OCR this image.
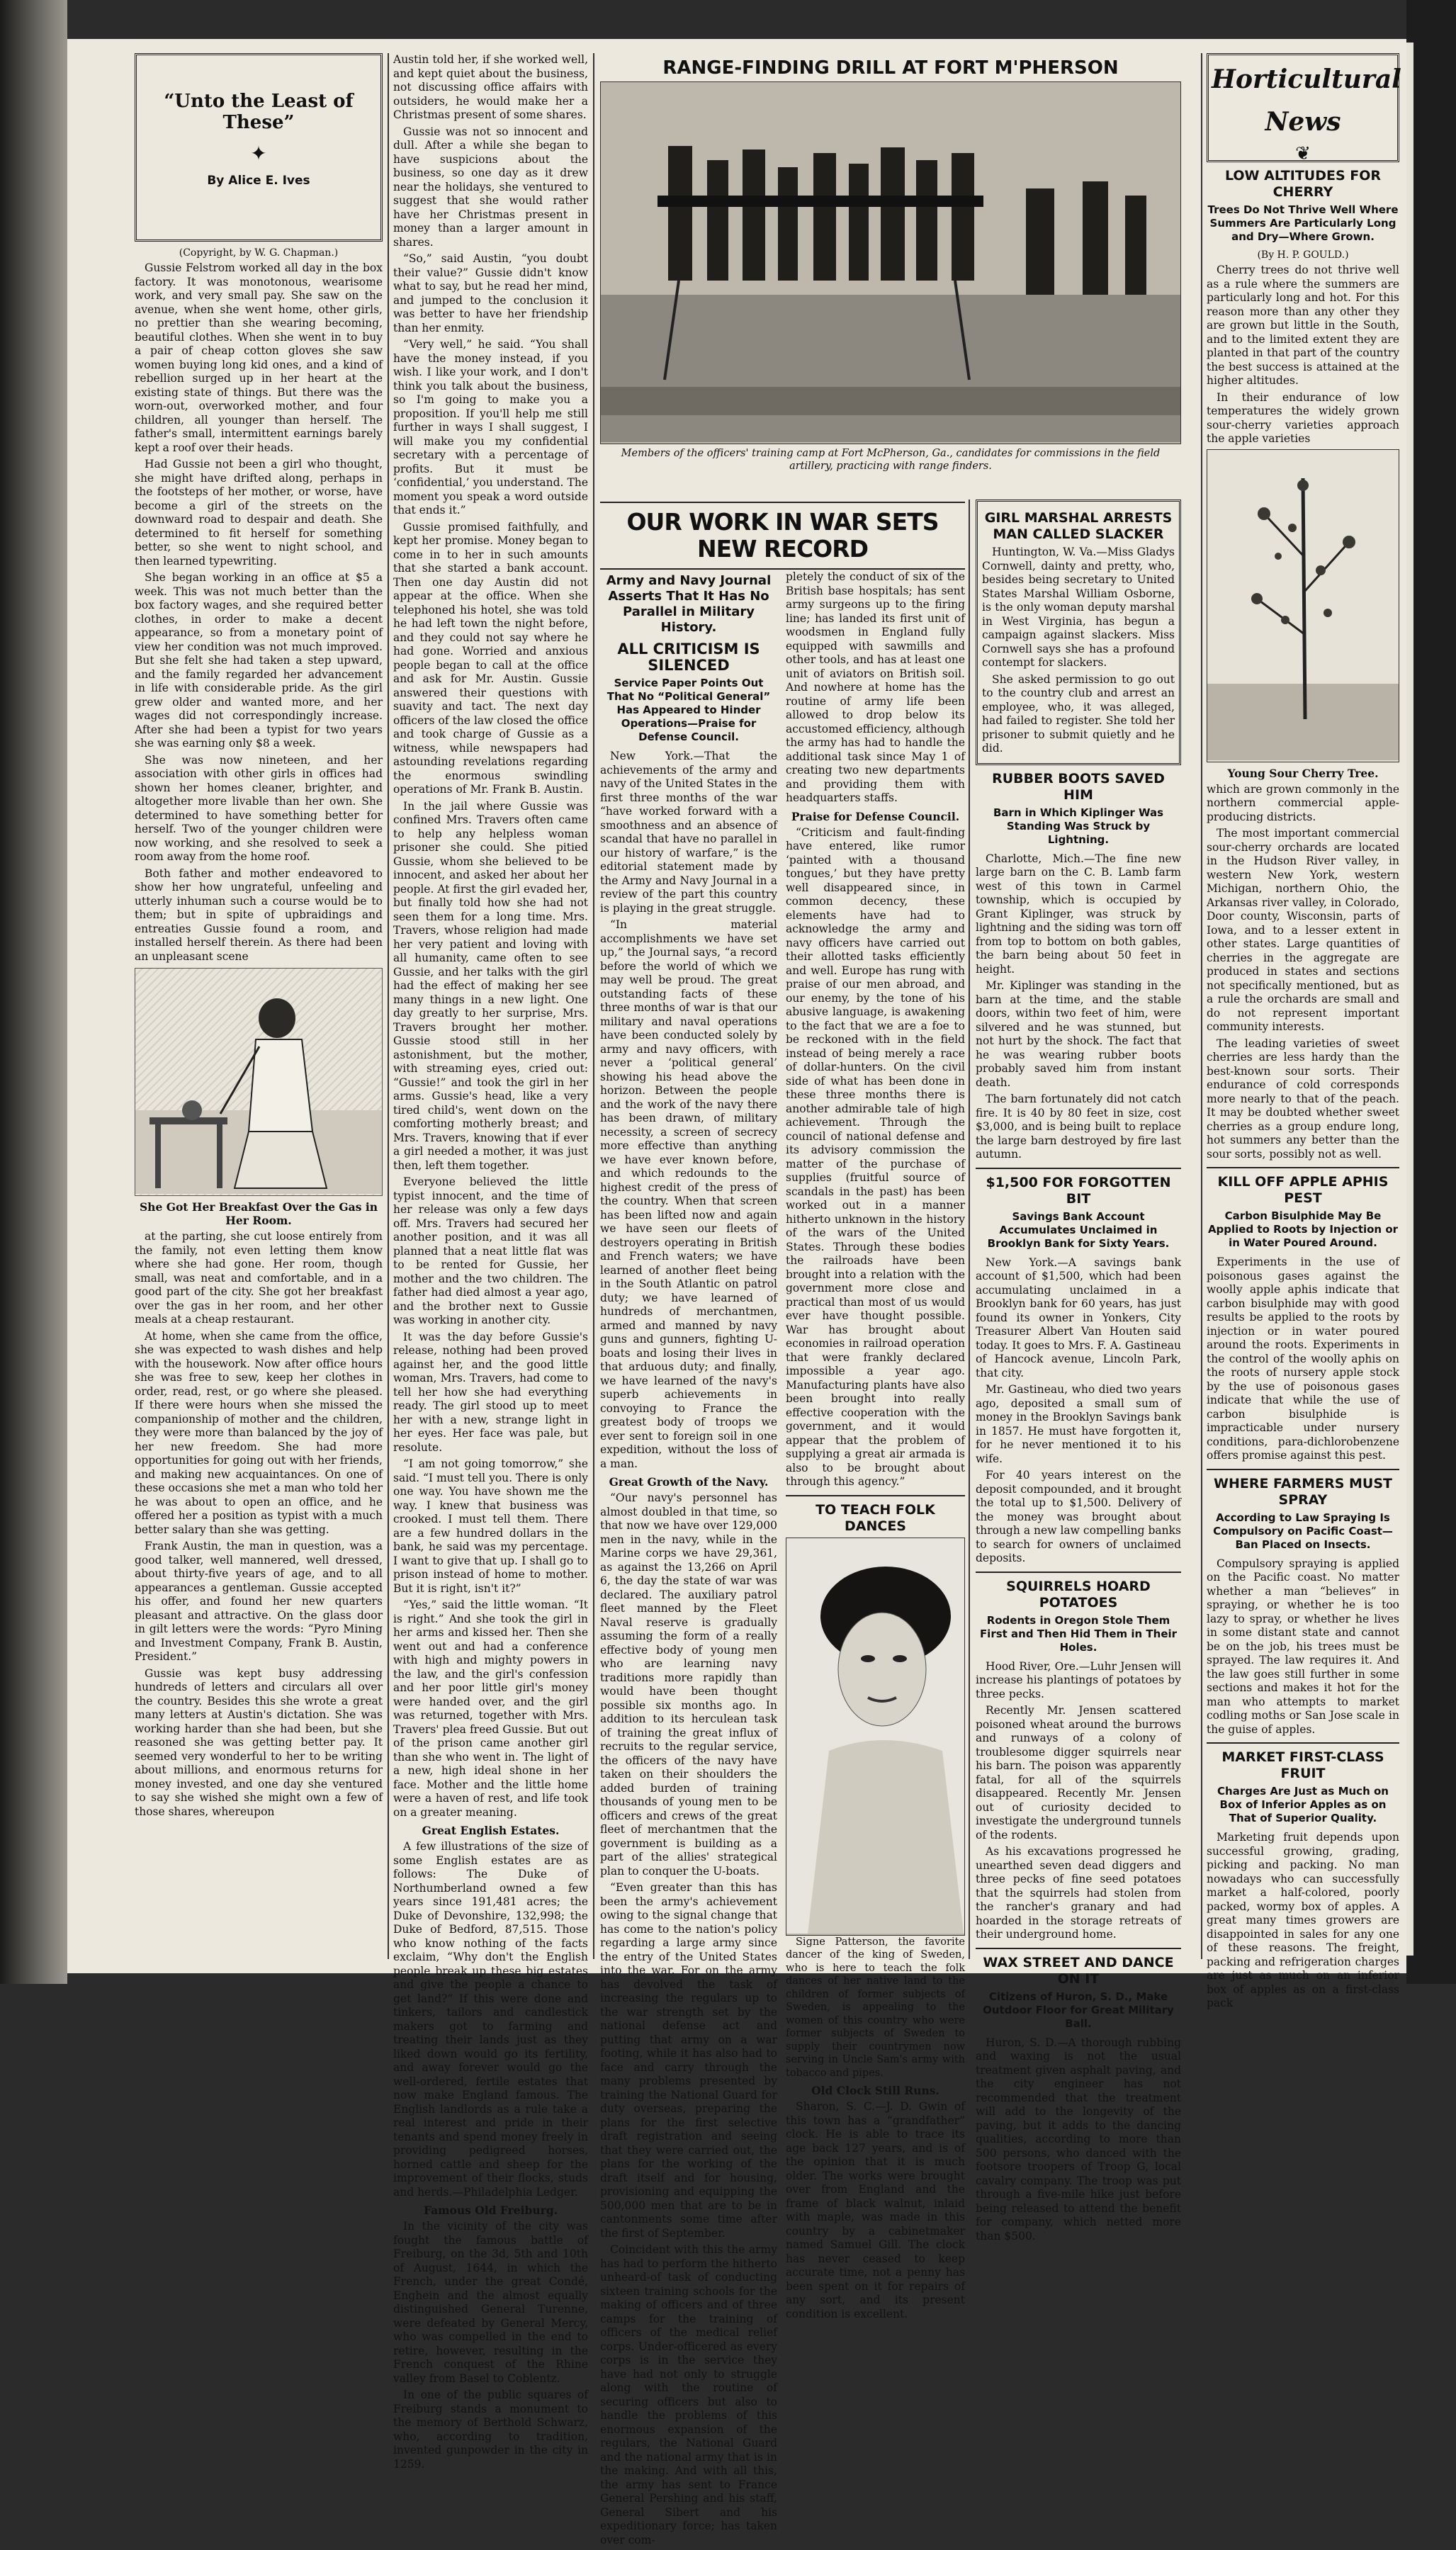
“Unto the Least of These”
✦
By Alice E. Ives
(Copyright, by W. G. Chapman.)

Gussie Felstrom worked all day in the box factory. It was monotonous, wearisome work, and very small pay. She saw on the avenue, when she went home, other girls, no prettier than she wearing becoming, beautiful clothes. When she went in to buy a pair of cheap cotton gloves she saw women buying long kid ones, and a kind of rebellion surged up in her heart at the existing state of things. But there was the worn-out, overworked mother, and four children, all younger than herself. The father's small, intermittent earnings barely kept a roof over their heads.

Had Gussie not been a girl who thought, she might have drifted along, perhaps in the footsteps of her mother, or worse, have become a girl of the streets on the downward road to despair and death. She determined to fit herself for something better, so she went to night school, and then learned typewriting.

She began working in an office at $5 a week. This was not much better than the box factory wages, and she required better clothes, in order to make a decent appearance, so from a monetary point of view her condition was not much improved. But she felt she had taken a step upward, and the family regarded her advancement in life with considerable pride. As the girl grew older and wanted more, and her wages did not correspondingly increase. After she had been a typist for two years she was earning only $8 a week.

She was now nineteen, and her association with other girls in offices had shown her homes cleaner, brighter, and altogether more livable than her own. She determined to have something better for herself. Two of the younger children were now working, and she resolved to seek a room away from the home roof.

Both father and mother endeavored to show her how ungrateful, unfeeling and utterly inhuman such a course would be to them; but in spite of upbraidings and entreaties Gussie found a room, and installed herself therein. As there had been an unpleasant scene

She Got Her Breakfast Over the Gas in Her Room.

at the parting, she cut loose entirely from the family, not even letting them know where she had gone. Her room, though small, was neat and comfortable, and in a good part of the city. She got her breakfast over the gas in her room, and her other meals at a cheap restaurant.

At home, when she came from the office, she was expected to wash dishes and help with the housework. Now after office hours she was free to sew, keep her clothes in order, read, rest, or go where she pleased. If there were hours when she missed the companionship of mother and the children, they were more than balanced by the joy of her new freedom. She had more opportunities for going out with her friends, and making new acquaintances. On one of these occasions she met a man who told her he was about to open an office, and he offered her a position as typist with a much better salary than she was getting.

Frank Austin, the man in question, was a good talker, well mannered, well dressed, about thirty-five years of age, and to all appearances a gentleman. Gussie accepted his offer, and found her new quarters pleasant and attractive. On the glass door in gilt letters were the words: “Pyro Mining and Investment Company, Frank B. Austin, President.”

Gussie was kept busy addressing hundreds of letters and circulars all over the country. Besides this she wrote a great many letters at Austin's dictation. She was working harder than she had been, but she reasoned she was getting better pay. It seemed very wonderful to her to be writing about millions, and enormous returns for money invested, and one day she ventured to say she wished she might own a few of those shares, whereupon

Austin told her, if she worked well, and kept quiet about the business, not discussing office affairs with outsiders, he would make her a Christmas present of some shares.

Gussie was not so innocent and dull. After a while she began to have suspicions about the business, so one day as it drew near the holidays, she ventured to suggest that she would rather have her Christmas present in money than a larger amount in shares.

“So,” said Austin, “you doubt their value?” Gussie didn't know what to say, but he read her mind, and jumped to the conclusion it was better to have her friendship than her enmity.

“Very well,” he said. “You shall have the money instead, if you wish. I like your work, and I don't think you talk about the business, so I'm going to make you a proposition. If you'll help me still further in ways I shall suggest, I will make you my confidential secretary with a percentage of profits. But it must be ‘confidential,’ you understand. The moment you speak a word outside that ends it.”

Gussie promised faithfully, and kept her promise. Money began to come in to her in such amounts that she started a bank account. Then one day Austin did not appear at the office. When she telephoned his hotel, she was told he had left town the night before, and they could not say where he had gone. Worried and anxious people began to call at the office and ask for Mr. Austin. Gussie answered their questions with suavity and tact. The next day officers of the law closed the office and took charge of Gussie as a witness, while newspapers had astounding revelations regarding the enormous swindling operations of Mr. Frank B. Austin.

In the jail where Gussie was confined Mrs. Travers often came to help any helpless woman prisoner she could. She pitied Gussie, whom she believed to be innocent, and asked her about her people. At first the girl evaded her, but finally told how she had not seen them for a long time. Mrs. Travers, whose religion had made her very patient and loving with all humanity, came often to see Gussie, and her talks with the girl had the effect of making her see many things in a new light. One day greatly to her surprise, Mrs. Travers brought her mother. Gussie stood still in her astonishment, but the mother, with streaming eyes, cried out: “Gussie!” and took the girl in her arms. Gussie's head, like a very tired child's, went down on the comforting motherly breast; and Mrs. Travers, knowing that if ever a girl needed a mother, it was just then, left them together.

Everyone believed the little typist innocent, and the time of her release was only a few days off. Mrs. Travers had secured her another position, and it was all planned that a neat little flat was to be rented for Gussie, her mother and the two children. The father had died almost a year ago, and the brother next to Gussie was working in another city.

It was the day before Gussie's release, nothing had been proved against her, and the good little woman, Mrs. Travers, had come to tell her how she had everything ready. The girl stood up to meet her with a new, strange light in her eyes. Her face was pale, but resolute.

“I am not going tomorrow,” she said. “I must tell you. There is only one way. You have shown me the way. I knew that business was crooked. I must tell them. There are a few hundred dollars in the bank, he said was my percentage. I want to give that up. I shall go to prison instead of home to mother. But it is right, isn't it?”

“Yes,” said the little woman. “It is right.” And she took the girl in her arms and kissed her. Then she went out and had a conference with high and mighty powers in the law, and the girl's confession and her poor little girl's money were handed over, and the girl was returned, together with Mrs. Travers' plea freed Gussie. But out of the prison came another girl than she who went in. The light of a new, high ideal shone in her face. Mother and the little home were a haven of rest, and life took on a greater meaning.

Great English Estates.

A few illustrations of the size of some English estates are as follows: The Duke of Northumberland owned a few years since 191,481 acres; the Duke of Devonshire, 132,998; the Duke of Bedford, 87,515. Those who know nothing of the facts exclaim, “Why don't the English people break up these big estates and give the people a chance to get land?” If this were done and tinkers, tailors and candlestick makers got to farming and treating their lands just as they liked down would go its fertility, and away forever would go the well-ordered, fertile estates that now make England famous. The English landlords as a rule take a real interest and pride in their tenants and spend money freely in providing pedigreed horses, horned cattle and sheep for the improvement of their flocks, studs and herds.—Philadelphia Ledger.

Famous Old Freiburg.

In the vicinity of the city was fought the famous battle of Freiburg, on the 3d, 5th and 10th of August, 1644, in which the French, under the great Condé, Enghein and the almost equally distinguished General Turenne, were defeated by General Mercy, who was compelled in the end to retire, however, resulting in the French conquest of the Rhine valley from Basel to Coblentz.

In one of the public squares of Freiburg stands a monument to the memory of Berthold Schwarz, who, according to tradition, invented gunpowder in the city in 1259.

RANGE-FINDING DRILL AT FORT M'PHERSON
Members of the officers' training camp at Fort McPherson, Ga., candidates for commissions in the field artillery, practicing with range finders.
OUR WORK IN WAR SETS NEW RECORD
Army and Navy Journal Asserts That It Has No Parallel in Military History.
ALL CRITICISM IS SILENCED
Service Paper Points Out That No “Political General” Has Appeared to Hinder Operations—Praise for Defense Council.

New York.—That the achievements of the army and navy of the United States in the first three months of the war “have worked forward with a smoothness and an absence of scandal that have no parallel in our history of warfare,” is the editorial statement made by the Army and Navy Journal in a review of the part this country is playing in the great struggle.

“In material accomplishments we have set up,” the Journal says, “a record before the world of which we may well be proud. The great outstanding facts of these three months of war is that our military and naval operations have been conducted solely by army and navy officers, with never a ‘political general’ showing his head above the horizon. Between the people and the work of the navy there has been drawn, of military necessity, a screen of secrecy more effective than anything we have ever known before, and which redounds to the highest credit of the press of the country. When that screen has been lifted now and again we have seen our fleets of destroyers operating in British and French waters; we have learned of another fleet being in the South Atlantic on patrol duty; we have learned of hundreds of merchantmen, armed and manned by navy guns and gunners, fighting U-boats and losing their lives in that arduous duty; and finally, we have learned of the navy's superb achievements in convoying to France the greatest body of troops we ever sent to foreign soil in one expedition, without the loss of a man.

Great Growth of the Navy.

“Our navy's personnel has almost doubled in that time, so that now we have over 129,000 men in the navy, while in the Marine corps we have 29,361, as against the 13,266 on April 6, the day the state of war was declared. The auxiliary patrol fleet manned by the Fleet Naval reserve is gradually assuming the form of a really effective body of young men who are learning navy traditions more rapidly than would have been thought possible six months ago. In addition to its herculean task of training the great influx of recruits to the regular service, the officers of the navy have taken on their shoulders the added burden of training thousands of young men to be officers and crews of the great fleet of merchantmen that the government is building as a part of the allies' strategical plan to conquer the U-boats.

“Even greater than this has been the army's achievement owing to the signal change that has come to the nation's policy regarding a large army since the entry of the United States into the war. For on the army has devolved the task of increasing the regulars up to the war strength set by the national defense act and putting that army on a war footing, while it has also had to face and carry through the many problems presented by training the National Guard for duty overseas, preparing the plans for the first selective draft registration and seeing that they were carried out, the plans for the working of the draft itself and for housing, provisioning and equipping the 500,000 men that are to be in cantonments some time after the first of September.

Coincident with this the army has had to perform the hitherto unheard-of task of conducting sixteen training schools for the making of officers and of three camps for the training of officers of the medical relief corps. Under-officered as every corps is in the service they have had not only to struggle along with the routine of securing officers but also to handle the problems of this enormous expansion of the regulars, the National Guard and the national army that is in the making. And with all this, the army has sent to France General Pershing and his staff, General Sibert and his expeditionary force; has taken over com-

pletely the conduct of six of the British base hospitals; has sent army surgeons up to the firing line; has landed its first unit of woodsmen in England fully equipped with sawmills and other tools, and has at least one unit of aviators on British soil. And nowhere at home has the routine of army life been allowed to drop below its accustomed efficiency, although the army has had to handle the additional task since May 1 of creating two new departments and providing them with headquarters staffs.

Praise for Defense Council.

“Criticism and fault-finding have entered, like rumor ‘painted with a thousand tongues,’ but they have pretty well disappeared since, in common decency, these elements have had to acknowledge the army and navy officers have carried out their allotted tasks efficiently and well. Europe has rung with praise of our men abroad, and our enemy, by the tone of his abusive language, is awakening to the fact that we are a foe to be reckoned with in the field instead of being merely a race of dollar-hunters. On the civil side of what has been done in these three months there is another admirable tale of high achievement. Through the council of national defense and its advisory commission the matter of the purchase of supplies (fruitful source of scandals in the past) has been worked out in a manner hitherto unknown in the history of the wars of the United States. Through these bodies the railroads have been brought into a relation with the government more close and practical than most of us would ever have thought possible. War has brought about economies in railroad operation that were frankly declared impossible a year ago. Manufacturing plants have also been brought into really effective cooperation with the government, and it would appear that the problem of supplying a great air armada is also to be brought about through this agency.”

TO TEACH FOLK DANCES

Signe Patterson, the favorite dancer of the king of Sweden, who is here to teach the folk dances of her native land to the children of former subjects of Sweden, is appealing to the women of this country who were former subjects of Sweden to supply their countrymen now serving in Uncle Sam's army with tobacco and pipes.

Old Clock Still Runs.

Sharon, S. C.—J. D. Gwin of this town has a “grandfather” clock. He is able to trace its age back 127 years, and is of the opinion that it is much older. The works were brought over from England and the frame of black walnut, inlaid with maple, was made in this country by a cabinetmaker named Samuel Gill. The clock has never ceased to keep accurate time, not a penny has been spent on it for repairs of any sort, and its present condition is excellent.

GIRL MARSHAL ARRESTS MAN CALLED SLACKER

Huntington, W. Va.—Miss Gladys Cornwell, dainty and pretty, who, besides being secretary to United States Marshal William Osborne, is the only woman deputy marshal in West Virginia, has begun a campaign against slackers. Miss Cornwell says she has a profound contempt for slackers.

She asked permission to go out to the country club and arrest an employee, who, it was alleged, had failed to register. She told her prisoner to submit quietly and he did.

RUBBER BOOTS SAVED HIM
Barn in Which Kiplinger Was Standing Was Struck by Lightning.

Charlotte, Mich.—The fine new large barn on the C. B. Lamb farm west of this town in Carmel township, which is occupied by Grant Kiplinger, was struck by lightning and the siding was torn off from top to bottom on both gables, the barn being about 50 feet in height.

Mr. Kiplinger was standing in the barn at the time, and the stable doors, within two feet of him, were silvered and he was stunned, but not hurt by the shock. The fact that he was wearing rubber boots probably saved him from instant death.

The barn fortunately did not catch fire. It is 40 by 80 feet in size, cost $3,000, and is being built to replace the large barn destroyed by fire last autumn.

$1,500 FOR FORGOTTEN BIT
Savings Bank Account Accumulates Unclaimed in Brooklyn Bank for Sixty Years.

New York.—A savings bank account of $1,500, which had been accumulating unclaimed in a Brooklyn bank for 60 years, has just found its owner in Yonkers, City Treasurer Albert Van Houten said today. It goes to Mrs. F. A. Gastineau of Hancock avenue, Lincoln Park, that city.

Mr. Gastineau, who died two years ago, deposited a small sum of money in the Brooklyn Savings bank in 1857. He must have forgotten it, for he never mentioned it to his wife.

For 40 years interest on the deposit compounded, and it brought the total up to $1,500. Delivery of the money was brought about through a new law compelling banks to search for owners of unclaimed deposits.

SQUIRRELS HOARD POTATOES
Rodents in Oregon Stole Them First and Then Hid Them in Their Holes.

Hood River, Ore.—Luhr Jensen will increase his plantings of potatoes by three pecks.

Recently Mr. Jensen scattered poisoned wheat around the burrows and runways of a colony of troublesome digger squirrels near his barn. The poison was apparently fatal, for all of the squirrels disappeared. Recently Mr. Jensen out of curiosity decided to investigate the underground tunnels of the rodents.

As his excavations progressed he unearthed seven dead diggers and three pecks of fine seed potatoes that the squirrels had stolen from the rancher's granary and had hoarded in the storage retreats of their underground home.

WAX STREET AND DANCE ON IT
Citizens of Huron, S. D., Make Outdoor Floor for Great Military Ball.

Huron, S. D.—A thorough rubbing and waxing is not the usual treatment given asphalt paving, and the city engineer has not recommended that the treatment will add to the longevity of the paving, but it adds to the dancing qualities, according to more than 500 persons, who danced with the footsore troopers of Troop G, local cavalry company. The troop was put through a five-mile hike just before being released to attend the benefit for company, which netted more than $500.

Horticultural News
❦
LOW ALTITUDES FOR CHERRY
Trees Do Not Thrive Well Where Summers Are Particularly Long and Dry—Where Grown.
(By H. P. GOULD.)

Cherry trees do not thrive well as a rule where the summers are particularly long and hot. For this reason more than any other they are grown but little in the South, and to the limited extent they are planted in that part of the country the best success is attained at the higher altitudes.

In their endurance of low temperatures the widely grown sour-cherry varieties approach the apple varieties

Young Sour Cherry Tree.

which are grown commonly in the northern commercial apple-producing districts.

The most important commercial sour-cherry orchards are located in the Hudson River valley, in western New York, western Michigan, northern Ohio, the Arkansas river valley, in Colorado, Door county, Wisconsin, parts of Iowa, and to a lesser extent in other states. Large quantities of cherries in the aggregate are produced in states and sections not specifically mentioned, but as a rule the orchards are small and do not represent important community interests.

The leading varieties of sweet cherries are less hardy than the best-known sour sorts. Their endurance of cold corresponds more nearly to that of the peach. It may be doubted whether sweet cherries as a group endure long, hot summers any better than the sour sorts, possibly not as well.

KILL OFF APPLE APHIS PEST
Carbon Bisulphide May Be Applied to Roots by Injection or in Water Poured Around.

Experiments in the use of poisonous gases against the woolly apple aphis indicate that carbon bisulphide may with good results be applied to the roots by injection or in water poured around the roots. Experiments in the control of the woolly aphis on the roots of nursery apple stock by the use of poisonous gases indicate that while the use of carbon bisulphide is impracticable under nursery conditions, para-dichlorobenzene offers promise against this pest.

WHERE FARMERS MUST SPRAY
According to Law Spraying Is Compulsory on Pacific Coast—Ban Placed on Insects.

Compulsory spraying is applied on the Pacific coast. No matter whether a man “believes” in spraying, or whether he is too lazy to spray, or whether he lives in some distant state and cannot be on the job, his trees must be sprayed. The law requires it. And the law goes still further in some sections and makes it hot for the man who attempts to market codling moths or San Jose scale in the guise of apples.

MARKET FIRST-CLASS FRUIT
Charges Are Just as Much on Box of Inferior Apples as on That of Superior Quality.

Marketing fruit depends upon successful growing, grading, picking and packing. No man nowadays who can successfully market a half-colored, poorly packed, wormy box of apples. A great many times growers are disappointed in sales for any one of these reasons. The freight, packing and refrigeration charges are just as much on an inferior box of apples as on a first-class pack
